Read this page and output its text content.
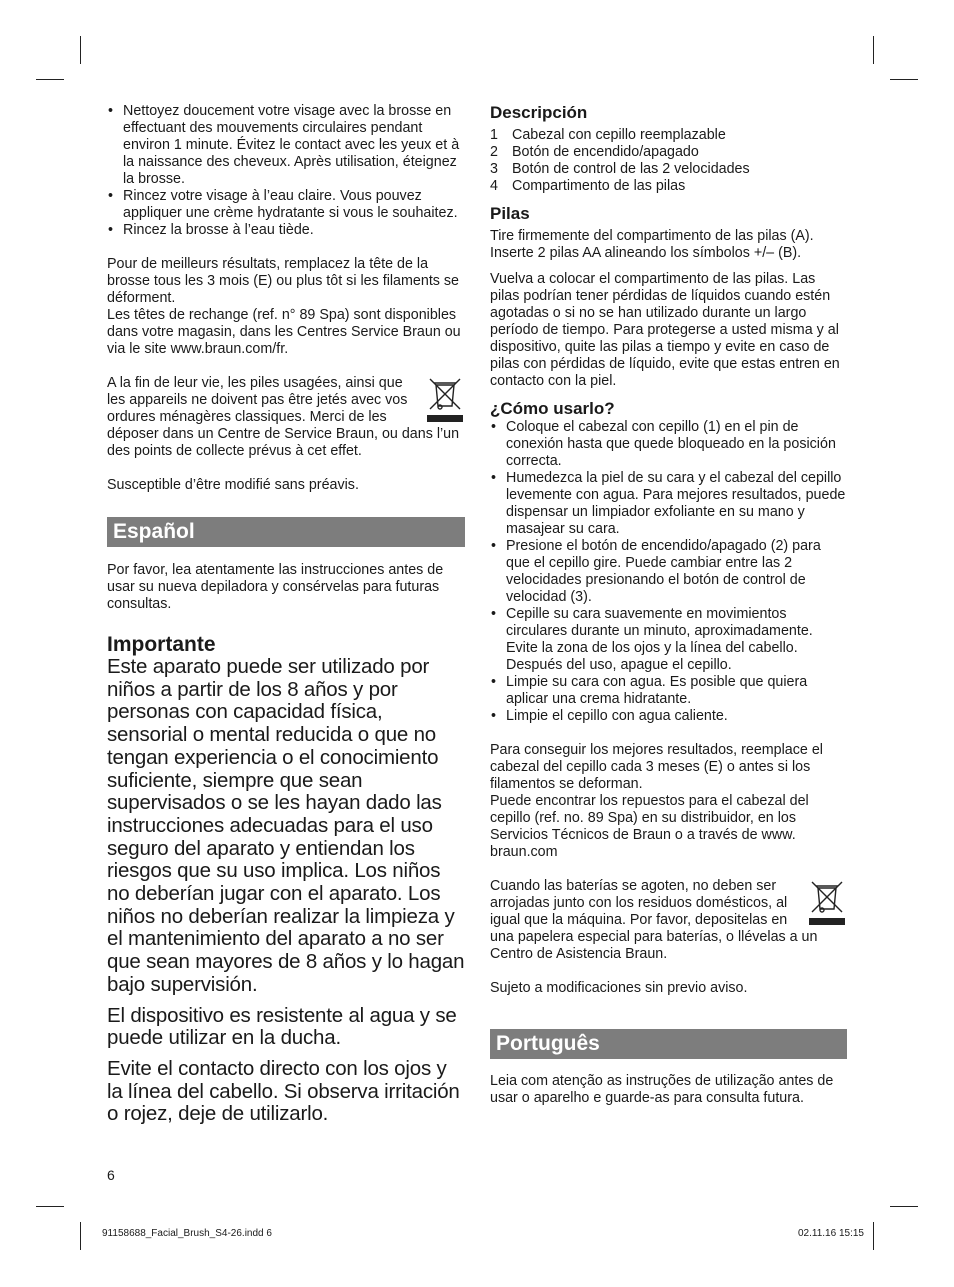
• Nettoyez doucement votre visage avec la brosse en effectuant des mouvements circulaires pendant environ 1 minute. Évitez le contact avec les yeux et à la naissance des cheveux. Après utilisation, éteignez la brosse.
• Rincez votre visage à l’eau claire. Vous pouvez appliquer une crème hydratante si vous le souhaitez.
• Rincez la brosse à l’eau tiède.

Pour de meilleurs résultats, remplacez la tête de la brosse tous les 3 mois (E) ou plus tôt si les filaments se déforment.

Les têtes de rechange (ref. n° 89 Spa) sont disponibles dans votre magasin, dans les Centres Service Braun ou via le site www.braun.com/fr.

A la fin de leur vie, les piles usagées, ainsi que les appareils ne doivent pas être jetés avec vos ordures ménagères classiques. Merci de les déposer dans un Centre de Service Braun, ou dans l’un des points de collecte prévus à cet effet.

Susceptible d’être modifié sans préavis.

Español

Por favor, lea atentamente las instrucciones antes de usar su nueva depiladora y consérvelas para futuras consultas.

Importante

Este aparato puede ser utilizado por niños a partir de los 8 años y por personas con capacidad física, sensorial o mental reducida o que no tengan experiencia o el conocimiento suficiente, siempre que sean supervisados o se les hayan dado las instrucciones adecuadas para el uso seguro del aparato y entiendan los riesgos que su uso implica. Los niños no deberían jugar con el aparato. Los niños no deberían realizar la limpieza y el mantenimiento del aparato a no ser que sean mayores de 8 años y lo hagan bajo supervisión.

El dispositivo es resistente al agua y se puede utilizar en la ducha.

Evite el contacto directo con los ojos y la línea del cabello. Si observa irritación o rojez, deje de utilizarlo.

Descripción
1 Cabezal con cepillo reemplazable
2 Botón de encendido/apagado
3 Botón de control de las 2 velocidades
4 Compartimento de las pilas
Pilas

Tire firmemente del compartimento de las pilas (A). Inserte 2 pilas AA alineando los símbolos +/– (B).

Vuelva a colocar el compartimento de las pilas. Las pilas podrían tener pérdidas de líquidos cuando estén agotadas o si no se han utilizado durante un largo período de tiempo. Para protegerse a usted misma y al dispositivo, quite las pilas a tiempo y evite en caso de pilas con pérdidas de líquido, evite que estas entren en contacto con la piel.

¿Cómo usarlo?
• Coloque el cabezal con cepillo (1) en el pin de conexión hasta que quede bloqueado en la posición correcta.
• Humedezca la piel de su cara y el cabezal del cepillo levemente con agua. Para mejores resultados, puede dispensar un limpiador exfoliante en su mano y masajear su cara.
• Presione el botón de encendido/apagado (2) para que el cepillo gire. Puede cambiar entre las 2 velocidades presionando el botón de control de velocidad (3).
• Cepille su cara suavemente en movimientos circulares durante un minuto, aproximadamente. Evite la zona de los ojos y la línea del cabello. Después del uso, apague el cepillo.
• Limpie su cara con agua. Es posible que quiera aplicar una crema hidratante.
• Limpie el cepillo con agua caliente.

Para conseguir los mejores resultados, reemplace el cabezal del cepillo cada 3 meses (E) o antes si los filamentos se deforman.

Puede encontrar los repuestos para el cabezal del cepillo (ref. no. 89 Spa) en su distribuidor, en los Servicios Técnicos de Braun o a través de www. braun.com

Cuando las baterías se agoten, no deben ser arrojadas junto con los residuos domésticos, al igual que la máquina. Por favor, depositelas en una papelera especial para baterías, o llévelas a un Centro de Asistencia Braun.

Sujeto a modificaciones sin previo aviso.

Português

Leia com atenção as instruções de utilização antes de usar o aparelho e guarde-as para consulta futura.

6
91158688_Facial_Brush_S4-26.indd 6	02.11.16 15:15
